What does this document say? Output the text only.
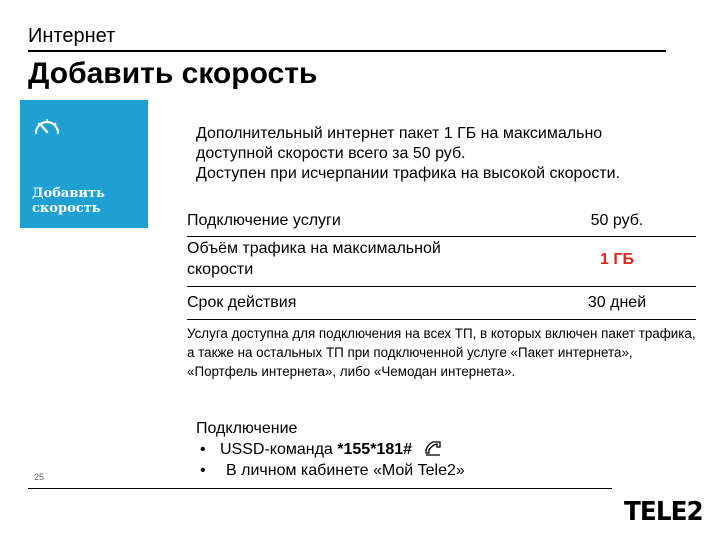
Интернет
Добавить скорость
Добавить
скорость
Дополнительный интернет пакет 1 ГБ на максимально
доступной скорости всего за 50 руб.
Доступен при исчерпании трафика на высокой скорости.
Подключение услуги	50 руб.
Объём трафика на максимальной скорости
1 ГБ
Срок действия	30 дней
Услуга доступна для подключения на всех ТП, в которых включен пакет трафика, а также на остальных ТП при подключенной услуге «Пакет интернета», «Портфель интернета», либо «Чемодан интернета».
Подключение
• USSD-команда *155*181#
• В личном кабинете «Мой Tele2»
25
TELE2
